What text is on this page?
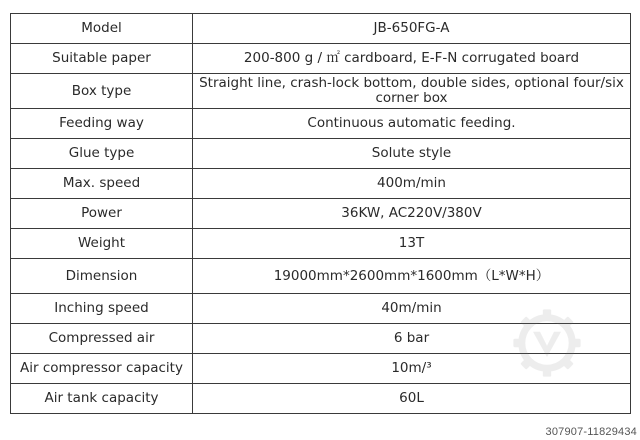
Model	JB-650FG-A
Suitable paper	200-800 g / ㎡ cardboard, E-F-N corrugated board
Box type	Straight line, crash-lock bottom, double sides, optional four/six corner box
Feeding way	Continuous automatic feeding.
Glue type	Solute style
Max. speed	400m/min
Power	36KW, AC220V/380V
Weight	13T
Dimension	19000mm*2600mm*1600mm（L*W*H）
Inching speed	40m/min
Compressed air	6 bar
Air compressor capacity	10m/³
Air tank capacity	60L
307907-11829434
